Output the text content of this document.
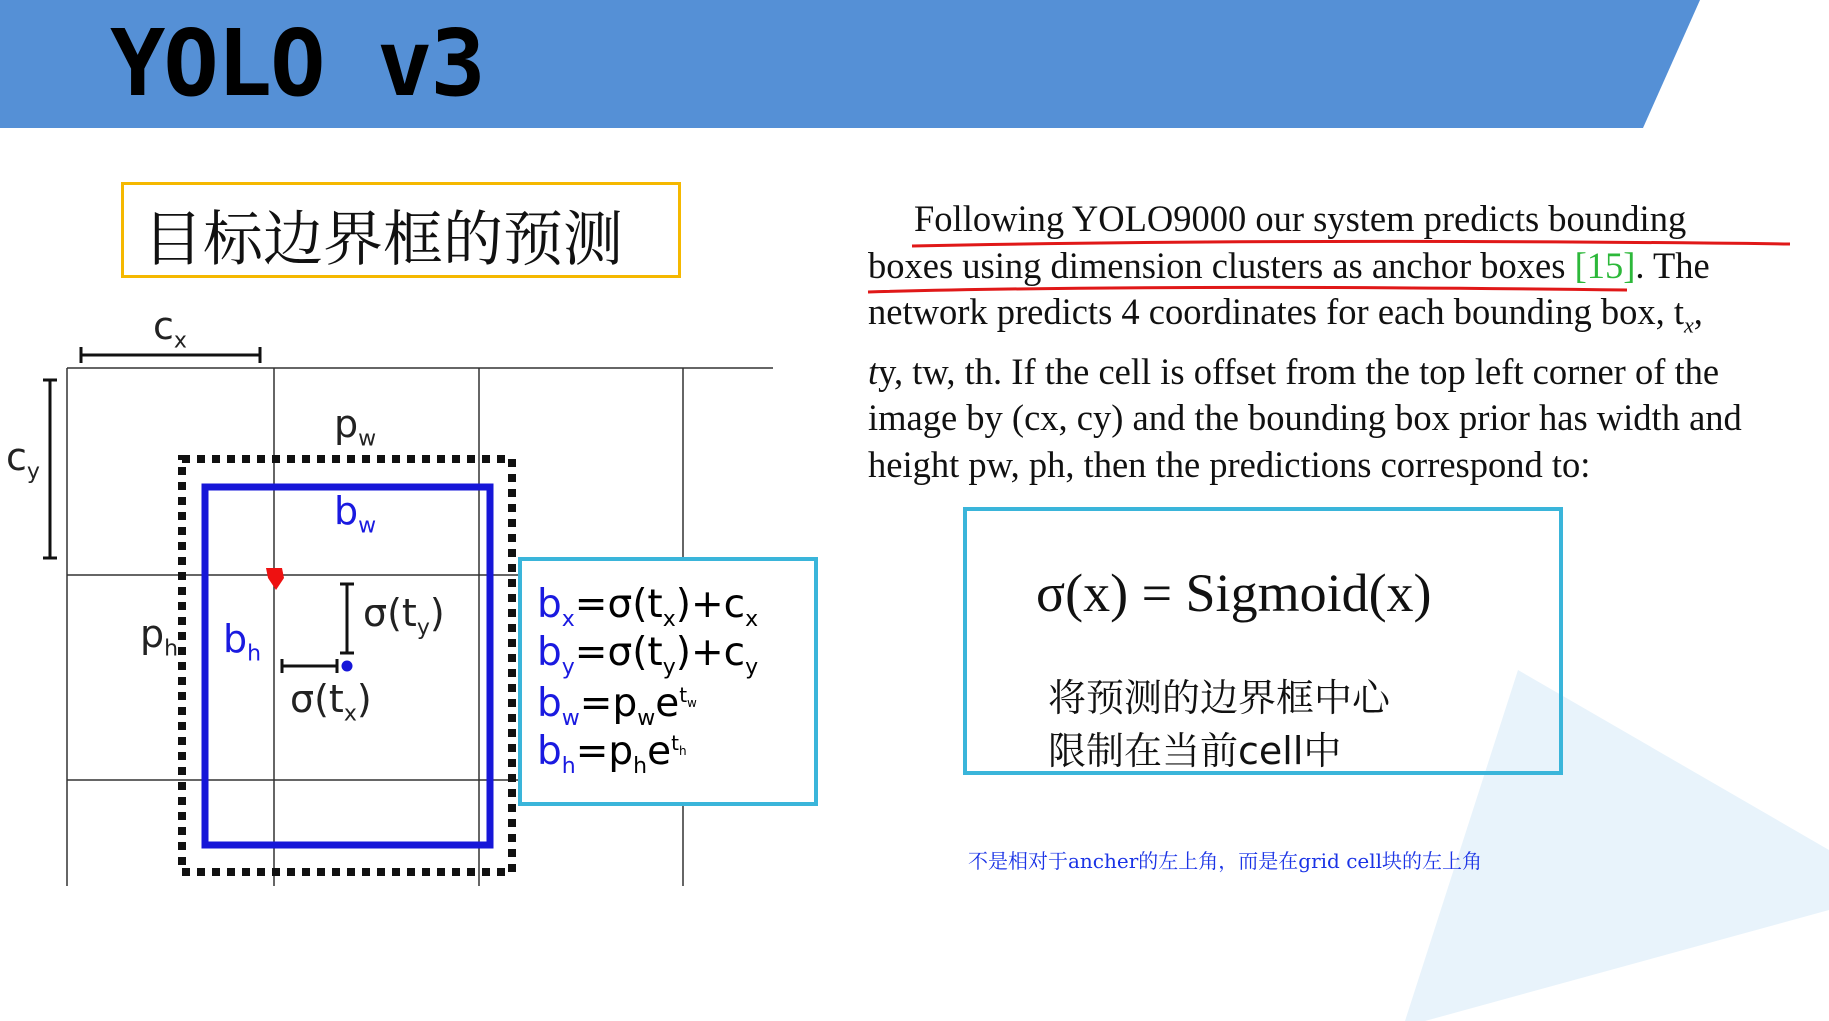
YOLO v3
目标边界框的预测
$c_x$
$c_y$
$p_w$
$p_h$
$b_w$
$b_h$
$\sigma(t_y)$
$\sigma(t_x)$
$b_x=\sigma(t_x)+c_x$
$b_y=\sigma(t_y)+c_y$
$b_w=p_we^{t_w}$
$b_h=p_he^{t_h}$
Following YOLO9000 our system predicts bounding
boxes using dimension clusters as anchor boxes [15]. The
network predicts 4 coordinates for each bounding box, $t_x$,
ty, tw, th. If the cell is offset from the top left corner of the
image by (cx, cy) and the bounding box prior has width and
height pw, ph, then the predictions correspond to:
σ(x) = Sigmoid(x)
将预测的边界框中心
限制在当前cell中
不是相对于ancher的左上角，而是在grid cell块的左上角
